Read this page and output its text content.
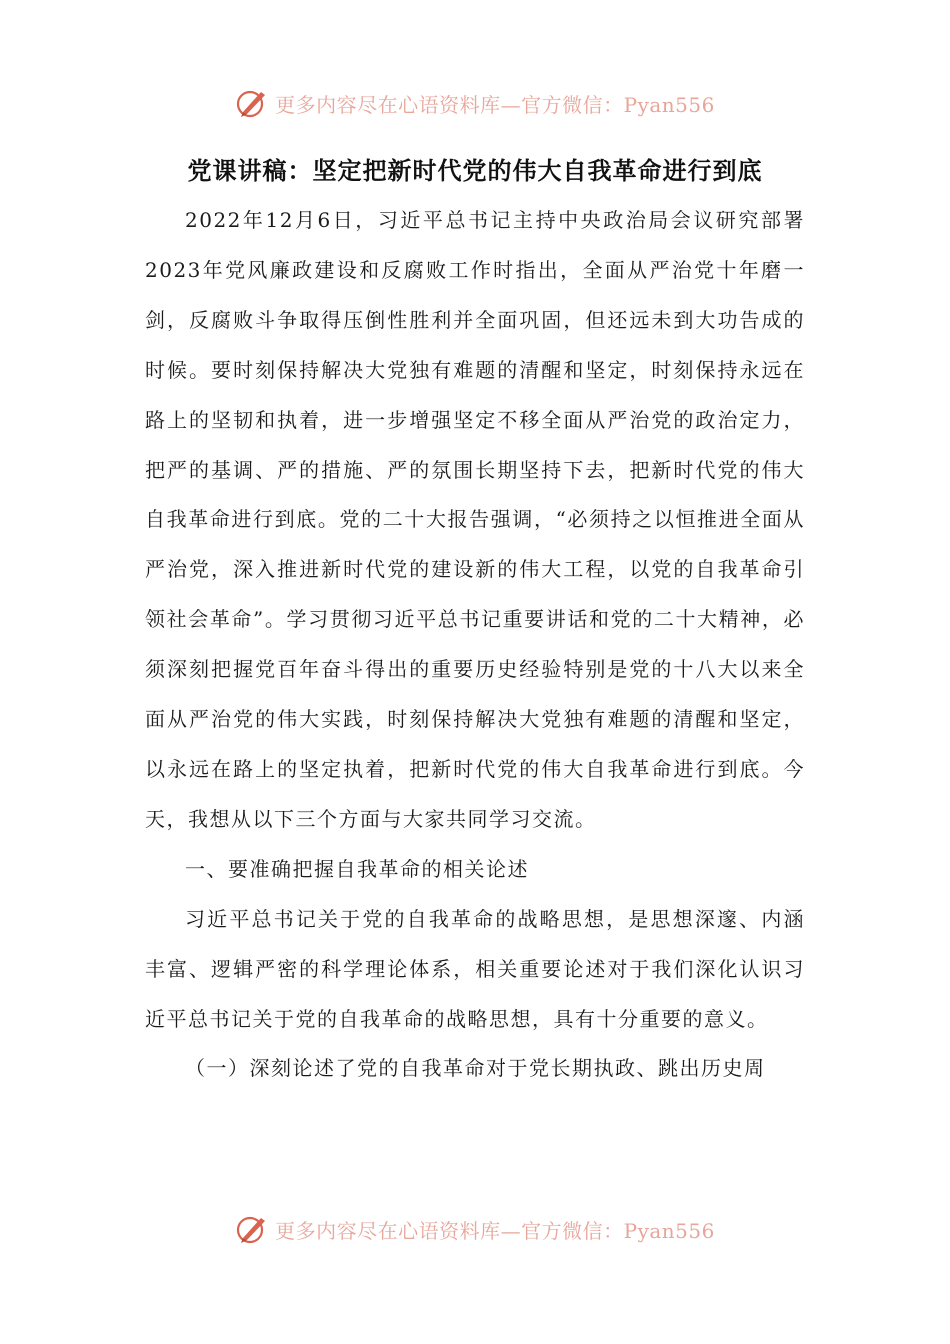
更多内容尽在心语资料库—官方微信：Pyan556
党课讲稿：坚定把新时代党的伟大自我革命进行到底

2022年12月6日，习近平总书记主持中央政治局会议研究部署2023年党风廉政建设和反腐败工作时指出，全面从严治党十年磨一剑，反腐败斗争取得压倒性胜利并全面巩固，但还远未到大功告成的时候。要时刻保持解决大党独有难题的清醒和坚定，时刻保持永远在路上的坚韧和执着，进一步增强坚定不移全面从严治党的政治定力，把严的基调、严的措施、严的氛围长期坚持下去，把新时代党的伟大自我革命进行到底。党的二十大报告强调，“必须持之以恒推进全面从严治党，深入推进新时代党的建设新的伟大工程，以党的自我革命引领社会革命”。学习贯彻习近平总书记重要讲话和党的二十大精神，必须深刻把握党百年奋斗得出的重要历史经验特别是党的十八大以来全面从严治党的伟大实践，时刻保持解决大党独有难题的清醒和坚定，以永远在路上的坚定执着，把新时代党的伟大自我革命进行到底。今天，我想从以下三个方面与大家共同学习交流。

一、要准确把握自我革命的相关论述

习近平总书记关于党的自我革命的战略思想，是思想深邃、内涵丰富、逻辑严密的科学理论体系，相关重要论述对于我们深化认识习近平总书记关于党的自我革命的战略思想，具有十分重要的意义。

（一）深刻论述了党的自我革命对于党长期执政、跳出历史周

更多内容尽在心语资料库—官方微信：Pyan556
